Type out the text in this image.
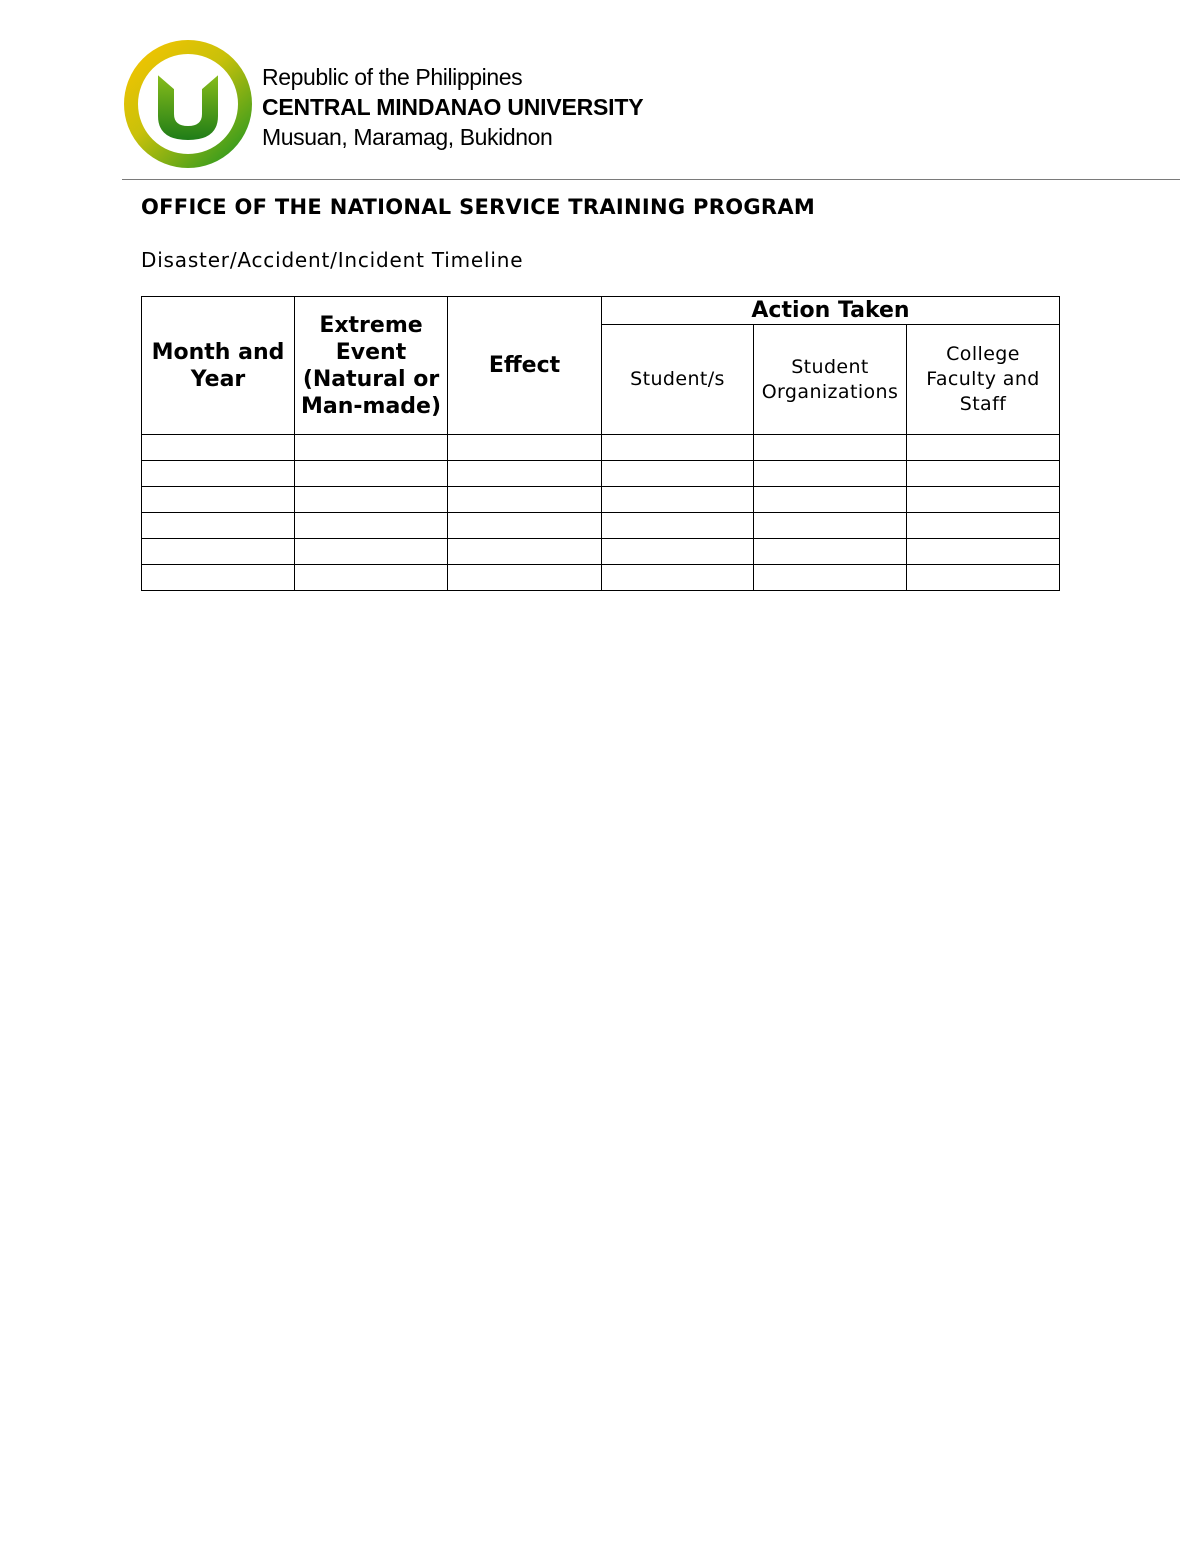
Republic of the Philippines
CENTRAL MINDANAO UNIVERSITY
Musuan, Maramag, Bukidnon
OFFICE OF THE NATIONAL SERVICE TRAINING PROGRAM

Disaster/Accident/Incident Timeline

Month and Year	Extreme Event (Natural or Man-made)	Effect	Action Taken		
			Student/s	Student Organizations	College Faculty and Staff
